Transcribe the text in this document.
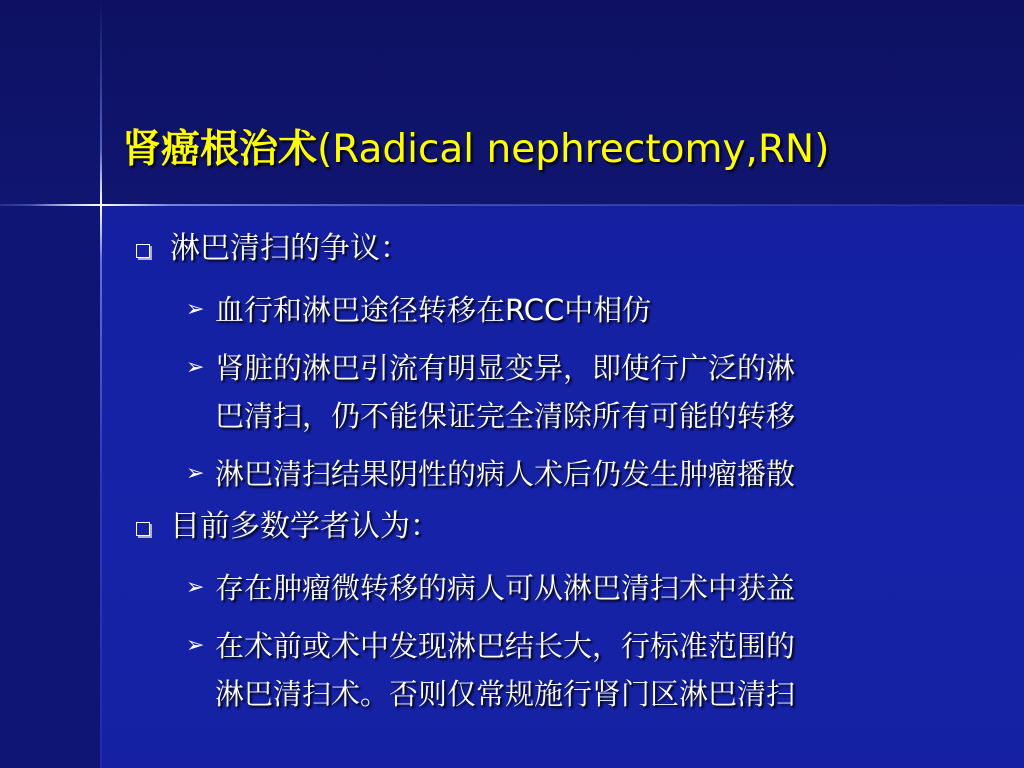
肾癌根治术(Radical nephrectomy,RN)
淋巴清扫的争议：
➢ 血行和淋巴途径转移在RCC中相仿
➢ 肾脏的淋巴引流有明显变异，即使行广泛的淋
巴清扫，仍不能保证完全清除所有可能的转移
➢ 淋巴清扫结果阴性的病人术后仍发生肿瘤播散
目前多数学者认为：
➢ 存在肿瘤微转移的病人可从淋巴清扫术中获益
➢ 在术前或术中发现淋巴结长大，行标准范围的
淋巴清扫术。否则仅常规施行肾门区淋巴清扫
